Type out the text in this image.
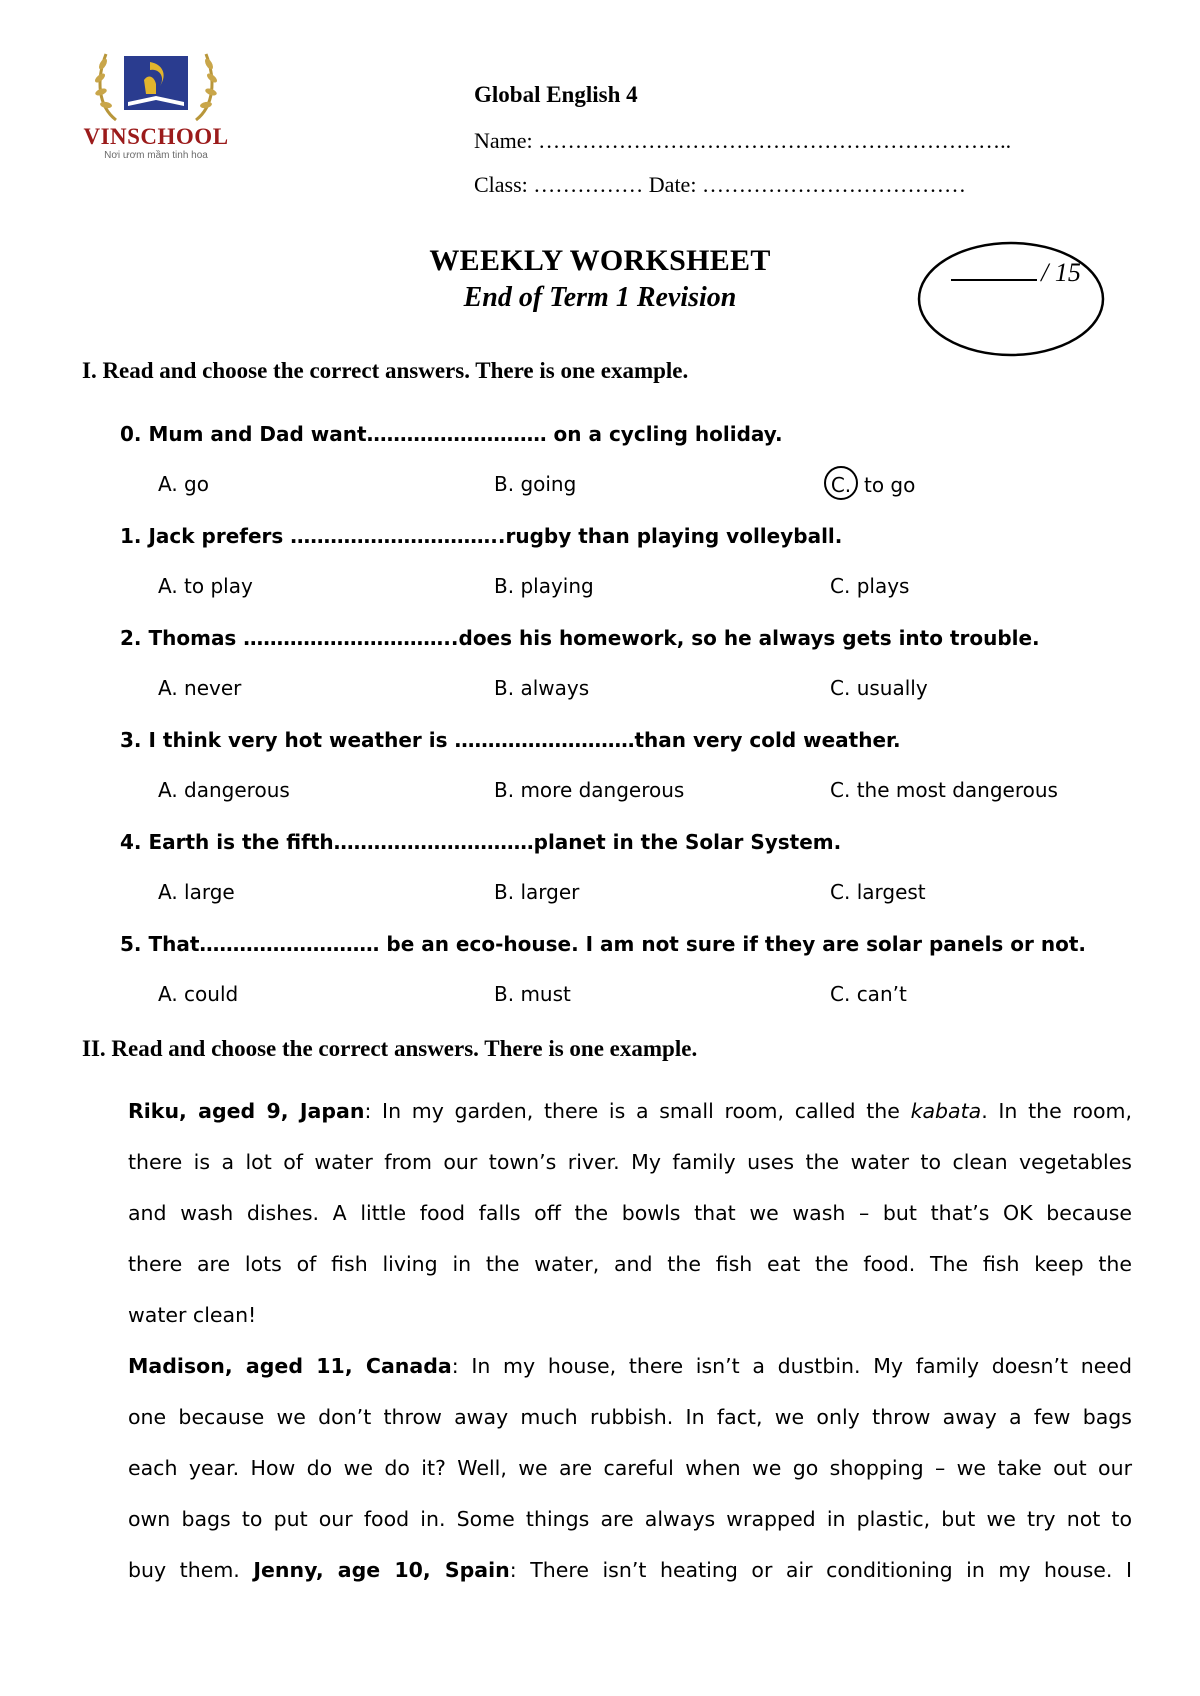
VINSCHOOL
Nơi ươm mầm tinh hoa
Global English 4
Name: ………………………………………………………..
Class: …………… Date: ………………………………
WEEKLY WORKSHEET
End of Term 1 Revision
/ 15
I. Read and choose the correct answers. There is one example.
0. Mum and Dad want……………………… on a cycling holiday.
A. go	B. going	C. to go
1. Jack prefers …………………………..rugby than playing volleyball.
A. to play	B. playing	C. plays
2. Thomas …………………………..does his homework, so he always gets into trouble.
A. never	B. always	C. usually
3. I think very hot weather is ………………………than very cold weather.
A. dangerous	B. more dangerous	C. the most dangerous
4. Earth is the fifth…………………………planet in the Solar System.
A. large	B. larger	C. largest
5. That……………………… be an eco-house. I am not sure if they are solar panels or not.
A. could	B. must	C. can’t
II. Read and choose the correct answers. There is one example.
Riku, aged 9, Japan: In my garden, there is a small room, called the kabata. In the room,
there is a lot of water from our town’s river. My family uses the water to clean vegetables
and wash dishes. A little food falls off the bowls that we wash – but that’s OK because
there are lots of fish living in the water, and the fish eat the food. The fish keep the
water clean!
Madison, aged 11, Canada: In my house, there isn’t a dustbin. My family doesn’t need
one because we don’t throw away much rubbish. In fact, we only throw away a few bags
each year. How do we do it? Well, we are careful when we go shopping – we take out our
own bags to put our food in. Some things are always wrapped in plastic, but we try not to
buy them. Jenny, age 10, Spain: There isn’t heating or air conditioning in my house. I
